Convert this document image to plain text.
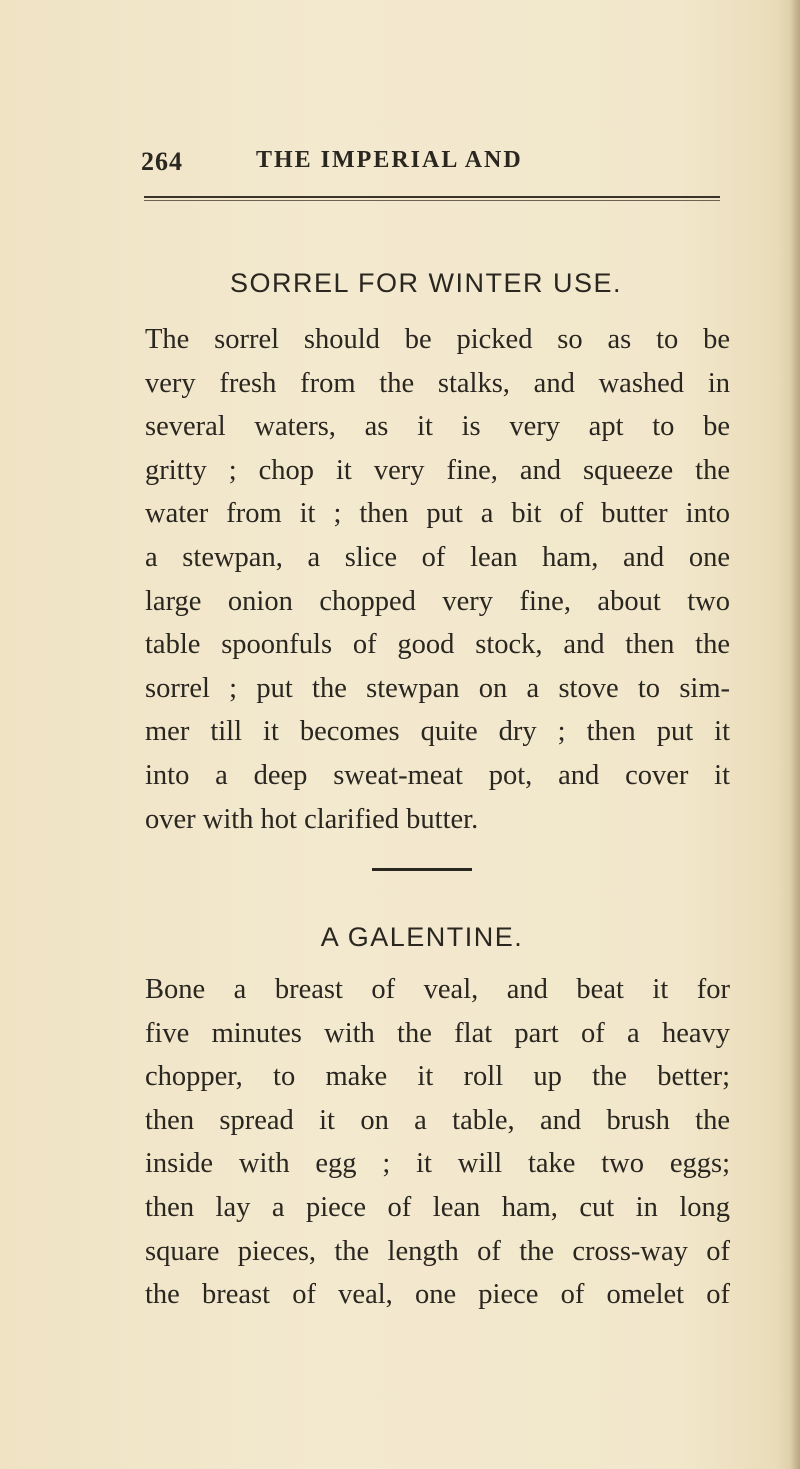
264	THE IMPERIAL AND
SORREL FOR WINTER USE.
The sorrel should be picked so as to be
very fresh from the stalks, and washed in
several waters, as it is very apt to be
gritty ; chop it very fine, and squeeze the
water from it ; then put a bit of butter into
a stewpan, a slice of lean ham, and one
large onion chopped very fine, about two
table spoonfuls of good stock, and then the
sorrel ; put the stewpan on a stove to sim-
mer till it becomes quite dry ; then put it
into a deep sweat-meat pot, and cover it
over with hot clarified butter.
A GALENTINE.
Bone a breast of veal, and beat it for
five minutes with the flat part of a heavy
chopper, to make it roll up the better;
then spread it on a table, and brush the
inside with egg ; it will take two eggs;
then lay a piece of lean ham, cut in long
square pieces, the length of the cross-way of
the breast of veal, one piece of omelet of
